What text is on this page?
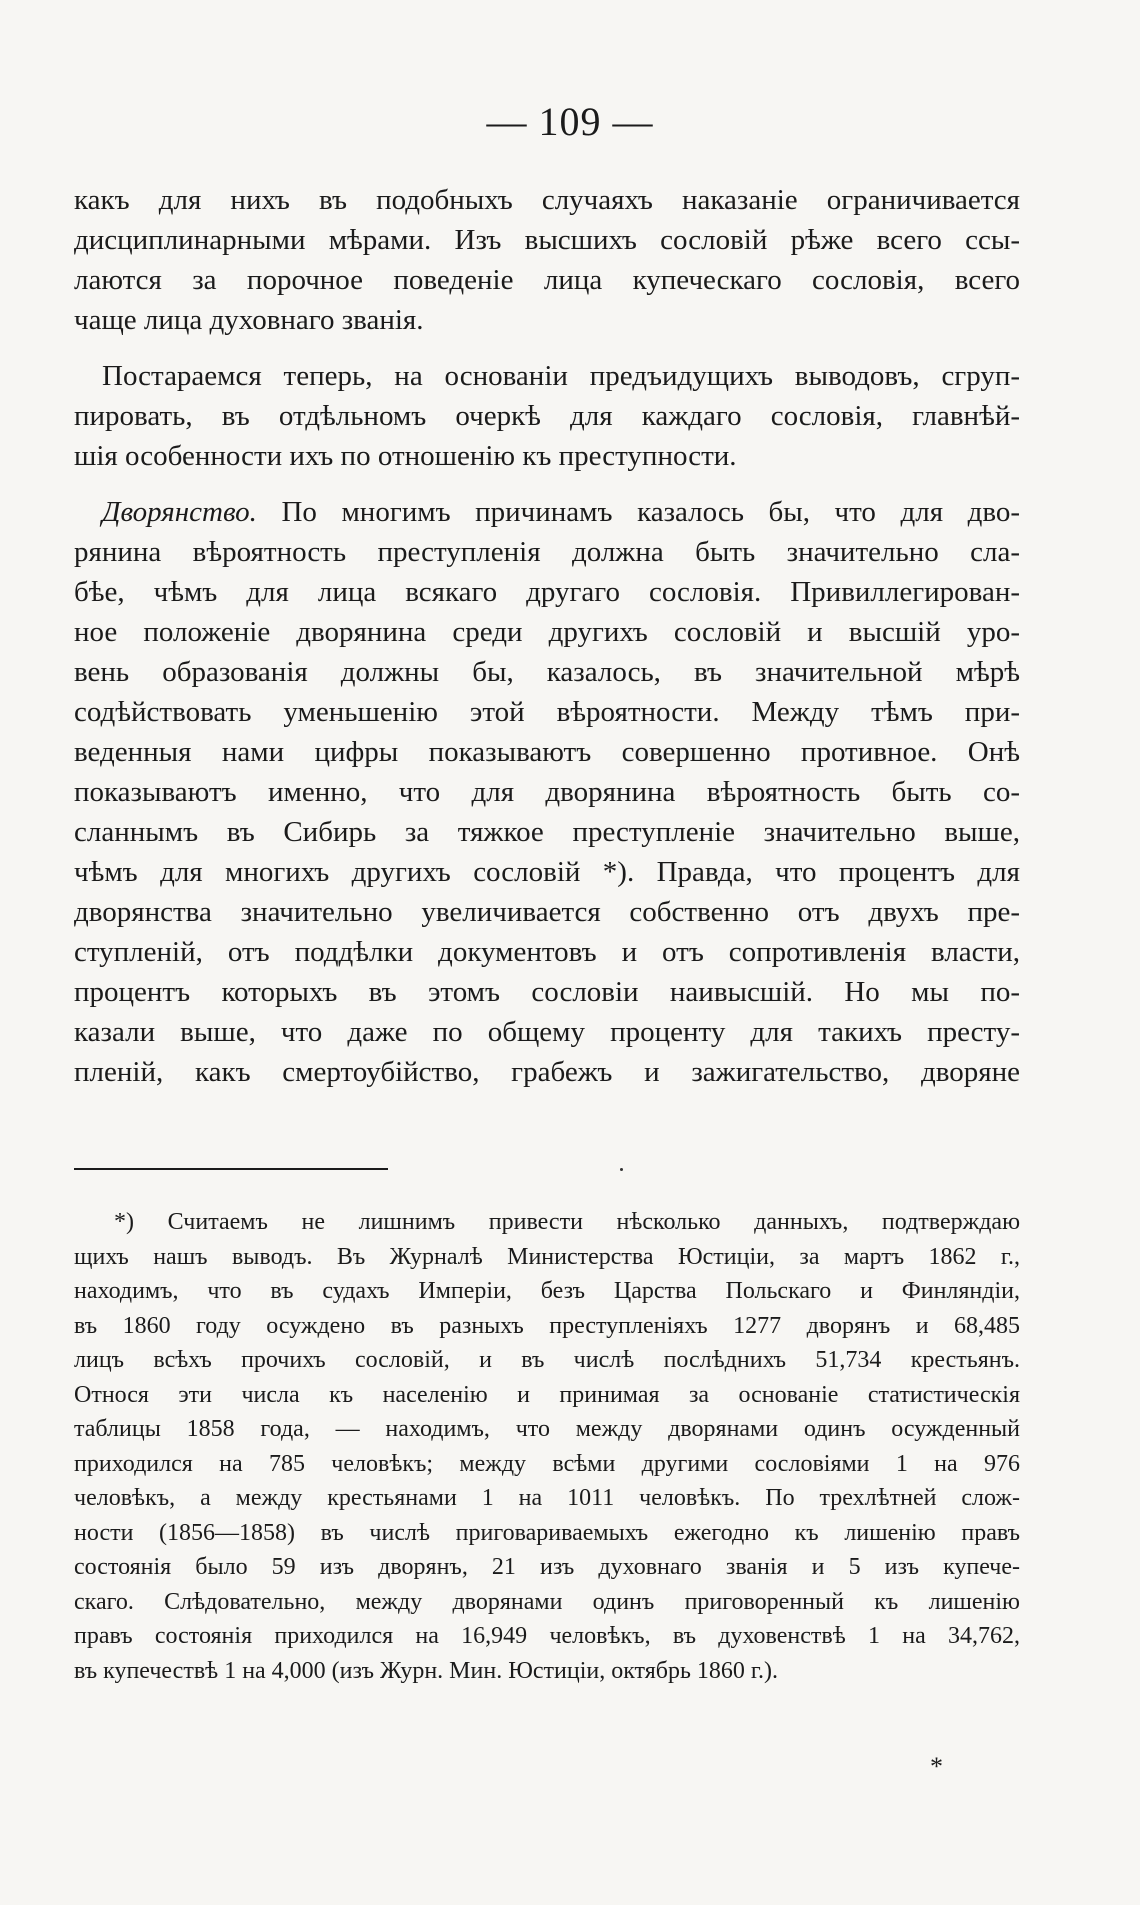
— 109 —
какъ для нихъ въ подобныхъ случаяхъ наказаніе ограничивается
дисциплинарными мѣрами. Изъ высшихъ сословій рѣже всего ссы-
лаются за порочное поведеніе лица купеческаго сословія, всего
чаще лица духовнаго званія.
Постараемся теперь, на основаніи предъидущихъ выводовъ, сгруп-
пировать, въ отдѣльномъ очеркѣ для каждаго сословія, главнѣй-
шія особенности ихъ по отношенію къ преступности.
Дворянство. По многимъ причинамъ казалось бы, что для дво-
рянина вѣроятность преступленія должна быть значительно сла-
бѣе, чѣмъ для лица всякаго другаго сословія. Привиллегирован-
ное положеніе дворянина среди другихъ сословій и высшій уро-
вень образованія должны бы, казалось, въ значительной мѣрѣ
содѣйствовать уменьшенію этой вѣроятности. Между тѣмъ при-
веденныя нами цифры показываютъ совершенно противное. Онѣ
показываютъ именно, что для дворянина вѣроятность быть со-
сланнымъ въ Сибирь за тяжкое преступленіе значительно выше,
чѣмъ для многихъ другихъ сословій *). Правда, что процентъ для
дворянства значительно увеличивается собственно отъ двухъ пре-
ступленій, отъ поддѣлки документовъ и отъ сопротивленія власти,
процентъ которыхъ въ этомъ сословіи наивысшій. Но мы по-
казали выше, что даже по общему проценту для такихъ престу-
пленій, какъ смертоубійство, грабежъ и зажигательство, дворяне
*) Считаемъ не лишнимъ привести нѣсколько данныхъ, подтверждаю
щихъ нашъ выводъ. Въ Журналѣ Министерства Юстиціи, за мартъ 1862 г.,
находимъ, что въ судахъ Имперіи, безъ Царства Польскаго и Финляндіи,
въ 1860 году осуждено въ разныхъ преступленіяхъ 1277 дворянъ и 68,485
лицъ всѣхъ прочихъ сословій, и въ числѣ послѣднихъ 51,734 крестьянъ.
Относя эти числа къ населенію и принимая за основаніе статистическія
таблицы 1858 года, — находимъ, что между дворянами одинъ осужденный
приходился на 785 человѣкъ; между всѣми другими сословіями 1 на 976
человѣкъ, а между крестьянами 1 на 1011 человѣкъ. По трехлѣтней слож-
ности (1856—1858) въ числѣ приговариваемыхъ ежегодно къ лишенію правъ
состоянія было 59 изъ дворянъ, 21 изъ духовнаго званія и 5 изъ купече-
скаго. Слѣдовательно, между дворянами одинъ приговоренный къ лишенію
правъ состоянія приходился на 16,949 человѣкъ, въ духовенствѣ 1 на 34,762,
въ купечествѣ 1 на 4,000 (изъ Журн. Мин. Юстиціи, октябрь 1860 г.).
*
